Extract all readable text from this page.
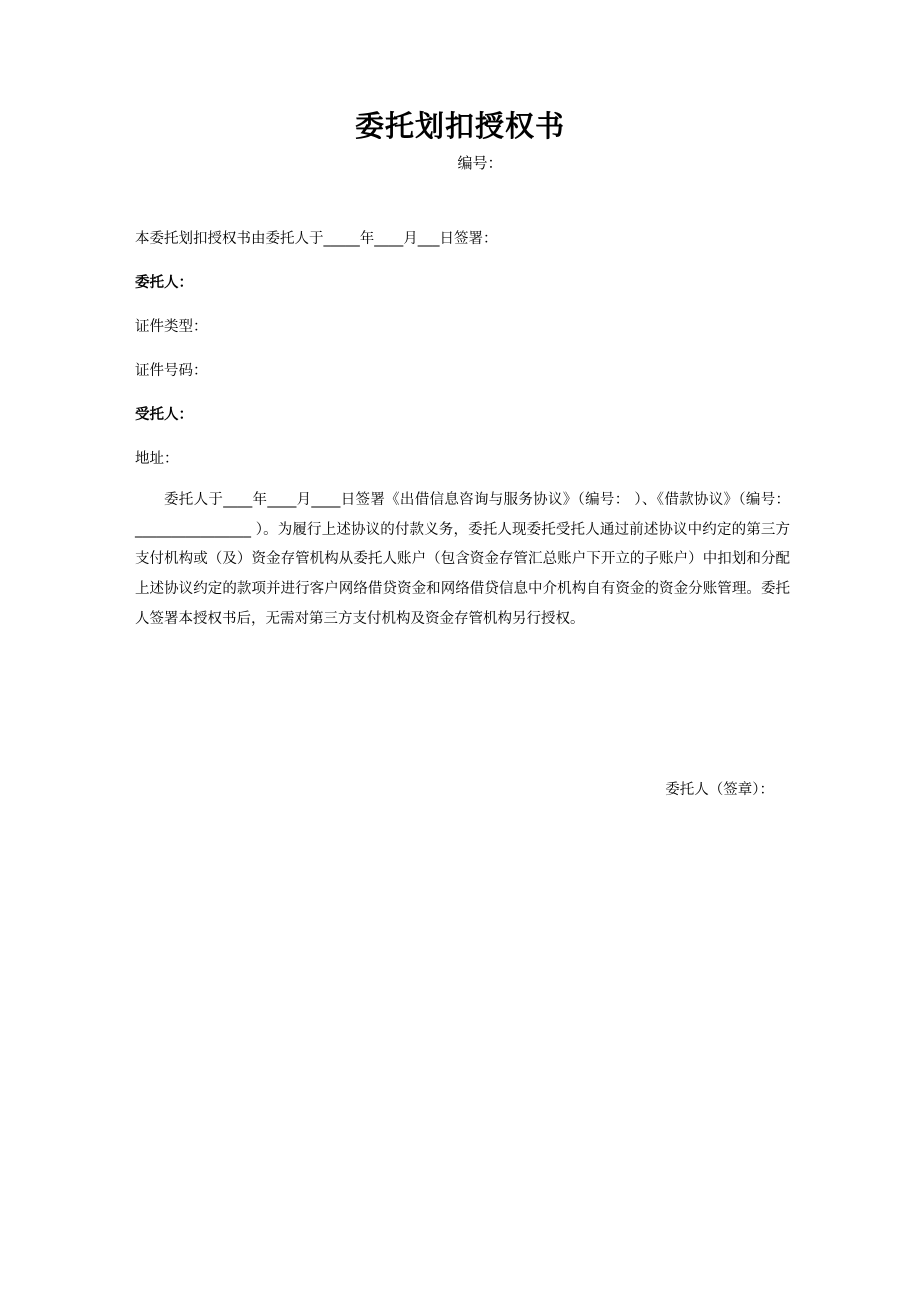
委托划扣授权书
编号：
本委托划扣授权书由委托人于_____年____月___日签署：
委托人：
证件类型：
证件号码：
受托人：
地址：
委托人于____年____月____日签署《出借信息咨询与服务协议》（编号： ）、《借款协议》（编号：________________ ）。为履行上述协议的付款义务，委托人现委托受托人通过前述协议中约定的第三方支付机构或（及）资金存管机构从委托人账户（包含资金存管汇总账户下开立的子账户）中扣划和分配上述协议约定的款项并进行客户网络借贷资金和网络借贷信息中介机构自有资金的资金分账管理。委托人签署本授权书后，无需对第三方支付机构及资金存管机构另行授权。
委托人（签章）：
